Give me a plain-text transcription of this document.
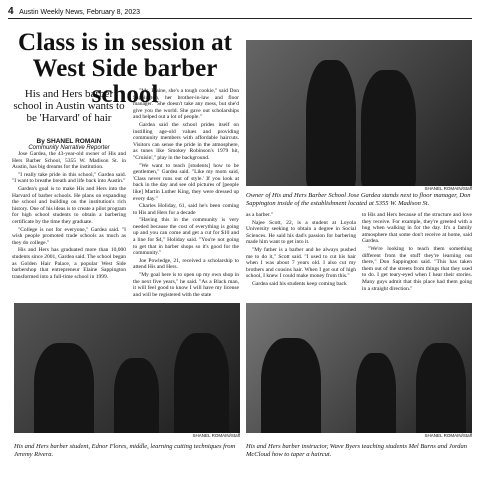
4 Austin Weekly News, February 8, 2023
Class is in session at West Side barber school
His and Hers barber school in Austin wants to be 'Harvard' of hair
By SHANEL ROMAIN
Community Narrative Reporter

Jose Gardea, the 43-year-old owner of His and Hers Barber School, 5355 W. Madison St. in Austin, has big dreams for the institution.

"I really take pride in this school," Gardea said. "I want to breathe breath and life back into Austin."

Gardea's goal is to make His and Hers into the Harvard of barber schools. He plans on expanding the school and building on the institution's rich history. One of his ideas is to create a pilot program for high school students to obtain a barbering certificate by the time they graduate.

"College is not for everyone," Gardea said. "I wish people promoted trade schools as much as they do college."

His and Hers has graduated more than 10,000 students since 2001, Gardea said. The school began as Golden Hair Palace, a popular West Side barbershop that entrepreneur Elaine Sappington transformed into a full-time school in 1999.

"Ms. Elaine, she's a tough cookie," said Don Sappington, her brother-in-law and floor manager. "She doesn't take any mess, but she'd give you the world. She gave out scholarships and helped out a lot of people."

Gardea said the school prides itself on instilling age-old values and providing community members with affordable haircuts. Visitors can sense the pride in the atmosphere, as tunes like Smokey Robinson's 1979 hit, "Cruisin'," play in the background.

"We want to teach [students] how to be gentlemen," Gardea said. "Like my mom said, 'Class never runs out of style.' If you look at back in the day and see old pictures of [people like] Martin Luther King, they were dressed up every day."

Charles Holiday, 61, said he's been coming to His and Hers for a decade

"Having this in the community is very needed because the cost of everything is going up and you can come and get a cut for $10 and a line for $4," Holiday said. "You're not going to get that in barber shops so it's good for the community."

Joe Powledge, 21, received a scholarship to attend His and Hers.

"My goal here is to open up my own shop in the next five years," he said. "As a Black man, it will feel good to know I will have my license and will be registered with the state

SHANEL ROMAIN/Staff
Owner of His and Hers Barber School Jose Gardea stands next to floor manager, Don Sappington inside of the establishment located at 5355 W. Madison St.

as a barber."

Najee Scott, 22, is a student at Loyola University seeking to obtain a degree in Social Sciences. He said his dad's passion for barbering made him want to get into it.

"My father is a barber and he always pushed me to do it," Scott said. "I used to cut his hair when I was about 7 years old. I also cut my brothers and cousins hair. When I got out of high school, I knew I could make money from this."

Gardea said his students keep coming back

to His and Hers because of the structure and love they receive. For example, they're greeted with a hug when walking in for the day. It's a family atmosphere that some don't receive at home, said Gardea.

"We're looking to teach them something different from the stuff they're learning out there," Don Sappington said. "This has taken them out of the streets from things that they used to do. I get teary-eyed when I hear their stories. Many guys admit that this place had them going in a straight direction."

SHANEL ROMAIN/Staff
His and Hers barber student, Ednor Flores, middle, learning cutting techniques from Jeremy Rivera.
SHANEL ROMAIN/Staff
His and Hers barber instructor, Wave Byers teaching students Mel Burns and Jordan McCloud how to taper a haircut.
